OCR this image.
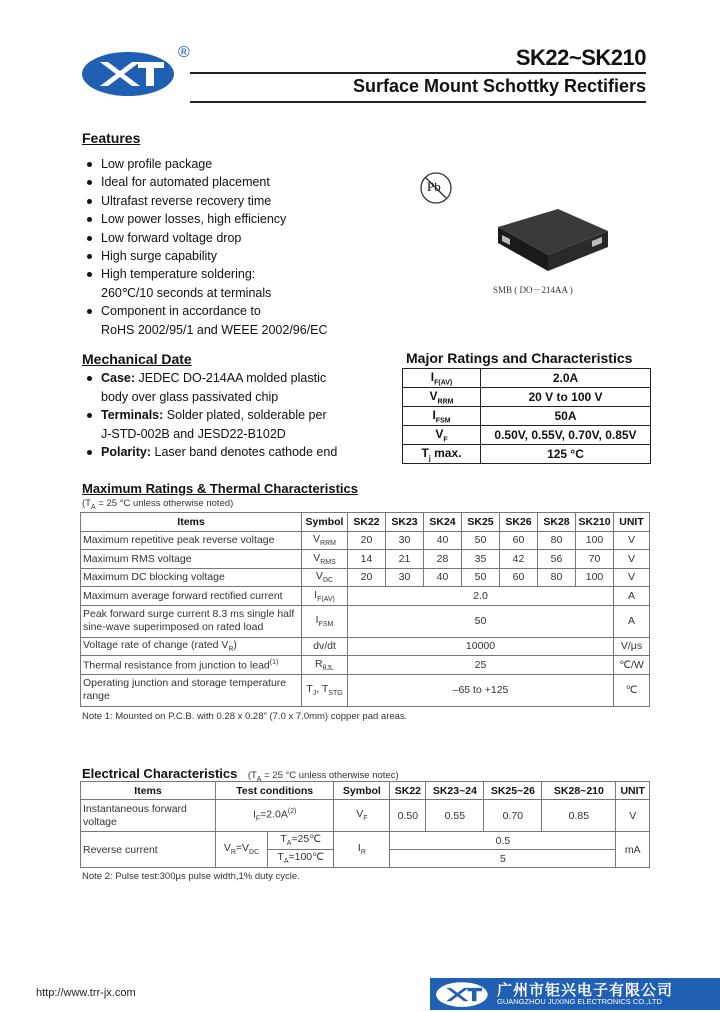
®	SK22~SK210
Surface Mount Schottky Rectifiers
Features
Low profile package
Ideal for automated placement
Ultrafast reverse recovery time
Low power losses, high efficiency
Low forward voltage drop
High surge capability
High temperature soldering:
260℃/10 seconds at terminals
Component in accordance to
RoHS 2002/95/1 and WEEE 2002/96/EC
Pb
SMB ( DO－214AA )
Mechanical Date
Case: JEDEC DO-214AA molded plastic
body over glass passivated chip
Terminals: Solder plated, solderable per
J-STD-002B and JESD22-B102D
Polarity: Laser band denotes cathode end
Major Ratings and Characteristics
$I_{F(AV)}$	2.0A
$V_{RRM}$	20 V to 100 V
$I_{FSM}$	50A
$V_F$	0.50V, 0.55V, 0.70V, 0.85V
$T_j$ max.	125 °C
Maximum Ratings & Thermal Characteristics
($T_A = 25$ °C unless otherwise noted)
Items	Symbol	SK22	SK23	SK24	SK25	SK26	SK28	SK210	UNIT
Maximum repetitive peak reverse voltage	$V_{RRM}$	20	30	40	50	60	80	100	V
Maximum RMS voltage	$V_{RMS}$	14	21	28	35	42	56	70	V
Maximum DC blocking voltage	$V_{DC}$	20	30	40	50	60	80	100	V
Maximum average forward rectified current	$I_{F(AV)}$	2.0							A
Peak forward surge current 8.3 ms single half sine-wave superimposed on rated load	$I_{FSM}$	50							A
Voltage rate of change (rated $V_R$)	dv/dt	10000							V/μs
Thermal resistance from junction to lead$^{(1)}$	$R_{\theta JL}$	25							℃/W
Operating junction and storage temperature range	$T_J$, $T_{STG}$	–65 to +125							℃
Note 1: Mounted on P.C.B. with 0.28 x 0.28" (7.0 x 7.0mm) copper pad areas.
Electrical Characteristics ($T_A = 25$ °C unless otherwise notec)
Items	Test conditions		Symbol	SK22	SK23~24	SK25~26	SK28~210	UNIT
Instantaneous forward voltage	$I_F=2.0A^{(2)}$		$V_F$	0.50	0.55	0.70	0.85	V
Reverse current	$V_R=V_{DC}$	$T_A=25℃$	$I_R$	0.5				mA
		$T_A=100℃$		5				
Note 2: Pulse test:300μs pulse width,1% duty cycle.
http://www.trr-jx.com	广州市钜兴电子有限公司
GUANGZHOU JUXING ELECTRONICS CO.,LTD
